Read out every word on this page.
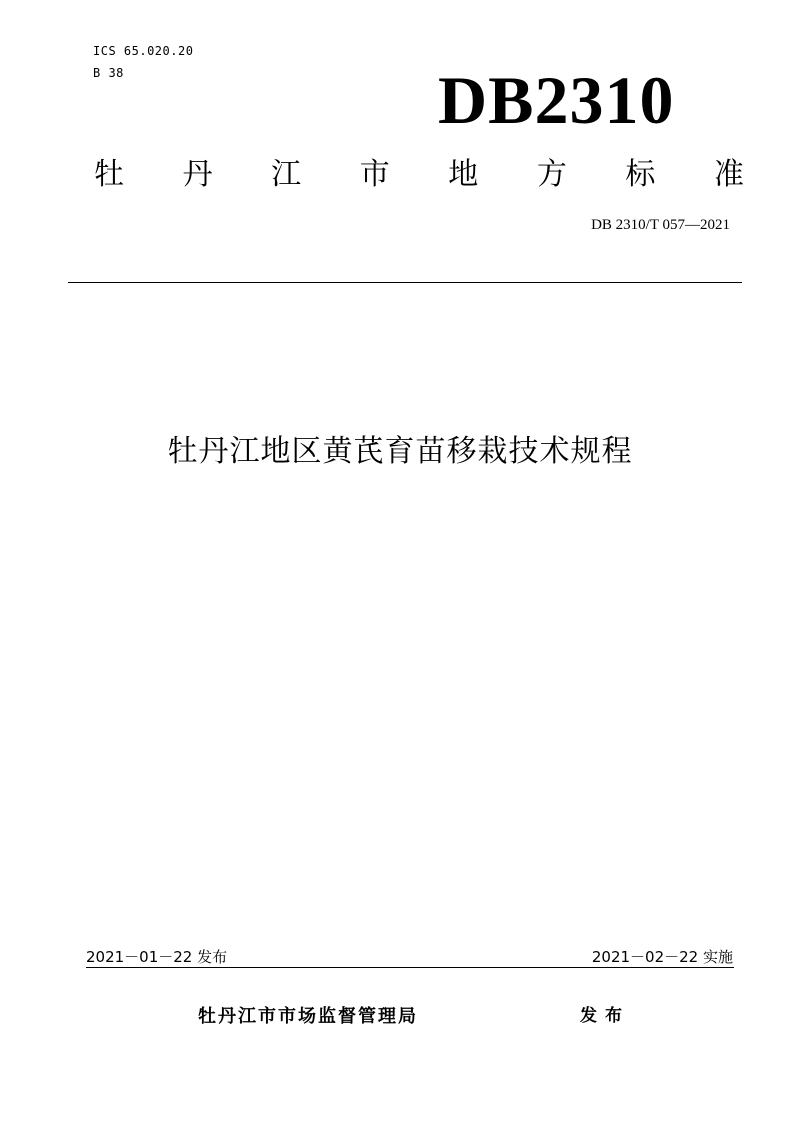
ICS 65.020.20
B 38	DB2310
牡	丹	江	市	地	方	标	准
DB 2310/T 057—2021
牡丹江地区黄芪育苗移栽技术规程
2021－01－22 发布	2021－02－22 实施
牡丹江市市场监督管理局	发布
